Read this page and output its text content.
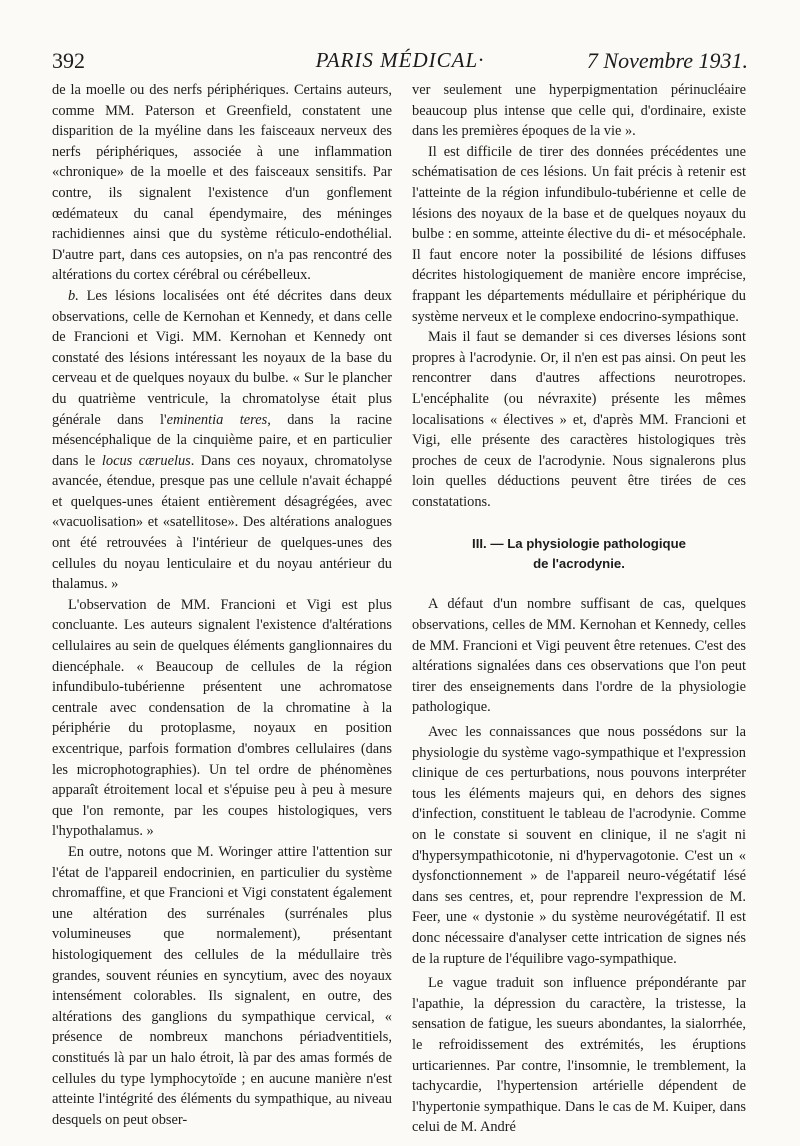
392	PARIS MÉDICAL·	7 Novembre 1931.

de la moelle ou des nerfs périphériques. Certains auteurs, comme MM. Paterson et Greenfield, constatent une disparition de la myéline dans les faisceaux nerveux des nerfs périphériques, associée à une inflammation «chronique» de la moelle et des faisceaux sensitifs. Par contre, ils signalent l'existence d'un gonflement œdémateux du canal épendymaire, des méninges rachidiennes ainsi que du système réticulo-endothélial. D'autre part, dans ces autopsies, on n'a pas rencontré des altérations du cortex cérébral ou cérébelleux.

b. Les lésions localisées ont été décrites dans deux observations, celle de Kernohan et Kennedy, et dans celle de Francioni et Vigi. MM. Kernohan et Kennedy ont constaté des lésions intéressant les noyaux de la base du cerveau et de quelques noyaux du bulbe. « Sur le plancher du quatrième ventricule, la chromatolyse était plus générale dans l'eminentia teres, dans la racine mésencéphalique de la cinquième paire, et en particulier dans le locus cæruelus. Dans ces noyaux, chromatolyse avancée, étendue, presque pas une cellule n'avait échappé et quelques-unes étaient entièrement désagrégées, avec «vacuolisation» et «satellitose». Des altérations analogues ont été retrouvées à l'intérieur de quelques-unes des cellules du noyau lenticulaire et du noyau antérieur du thalamus. »

L'observation de MM. Francioni et Vigi est plus concluante. Les auteurs signalent l'existence d'altérations cellulaires au sein de quelques éléments ganglionnaires du diencéphale. « Beaucoup de cellules de la région infundibulo-tubérienne présentent une achromatose centrale avec condensation de la chromatine à la périphérie du protoplasme, noyaux en position excentrique, parfois formation d'ombres cellulaires (dans les microphotographies). Un tel ordre de phénomènes apparaît étroitement local et s'épuise peu à peu à mesure que l'on remonte, par les coupes histologiques, vers l'hypothalamus. »

En outre, notons que M. Woringer attire l'attention sur l'état de l'appareil endocrinien, en particulier du système chromaffine, et que Francioni et Vigi constatent également une altération des surrénales (surrénales plus volumineuses que normalement), présentant histologiquement des cellules de la médullaire très grandes, souvent réunies en syncytium, avec des noyaux intensément colorables. Ils signalent, en outre, des altérations des ganglions du sympathique cervical, « présence de nombreux manchons périadventitiels, constitués là par un halo étroit, là par des amas formés de cellules du type lymphocytoïde ; en aucune manière n'est atteinte l'intégrité des éléments du sympathique, au niveau desquels on peut obser-

ver seulement une hyperpigmentation périnucléaire beaucoup plus intense que celle qui, d'ordinaire, existe dans les premières époques de la vie ».

Il est difficile de tirer des données précédentes une schématisation de ces lésions. Un fait précis à retenir est l'atteinte de la région infundibulo-tubérienne et celle de lésions des noyaux de la base et de quelques noyaux du bulbe : en somme, atteinte élective du di- et mésocéphale. Il faut encore noter la possibilité de lésions diffuses décrites histologiquement de manière encore imprécise, frappant les départements médullaire et périphérique du système nerveux et le complexe endocrino-sympathique.

Mais il faut se demander si ces diverses lésions sont propres à l'acrodynie. Or, il n'en est pas ainsi. On peut les rencontrer dans d'autres affections neurotropes. L'encéphalite (ou névraxite) présente les mêmes localisations « électives » et, d'après MM. Francioni et Vigi, elle présente des caractères histologiques très proches de ceux de l'acrodynie. Nous signalerons plus loin quelles déductions peuvent être tirées de ces constatations.

III. — La physiologie pathologique
de l'acrodynie.

A défaut d'un nombre suffisant de cas, quelques observations, celles de MM. Kernohan et Kennedy, celles de MM. Francioni et Vigi peuvent être retenues. C'est des altérations signalées dans ces observations que l'on peut tirer des enseignements dans l'ordre de la physiologie pathologique.

Avec les connaissances que nous possédons sur la physiologie du système vago-sympathique et l'expression clinique de ces perturbations, nous pouvons interpréter tous les éléments majeurs qui, en dehors des signes d'infection, constituent le tableau de l'acrodynie. Comme on le constate si souvent en clinique, il ne s'agit ni d'hypersympathicotonie, ni d'hypervagotonie. C'est un « dysfonctionnement » de l'appareil neuro-végétatif lésé dans ses centres, et, pour reprendre l'expression de M. Feer, une « dystonie » du système neurovégétatif. Il est donc nécessaire d'analyser cette intrication de signes nés de la rupture de l'équilibre vago-sympathique.

Le vague traduit son influence prépondérante par l'apathie, la dépression du caractère, la tristesse, la sensation de fatigue, les sueurs abondantes, la sialorrhée, le refroidissement des extrémités, les éruptions urticariennes. Par contre, l'insomnie, le tremblement, la tachycardie, l'hypertension artérielle dépendent de l'hypertonie sympathique. Dans le cas de M. Kuiper, dans celui de M. André
